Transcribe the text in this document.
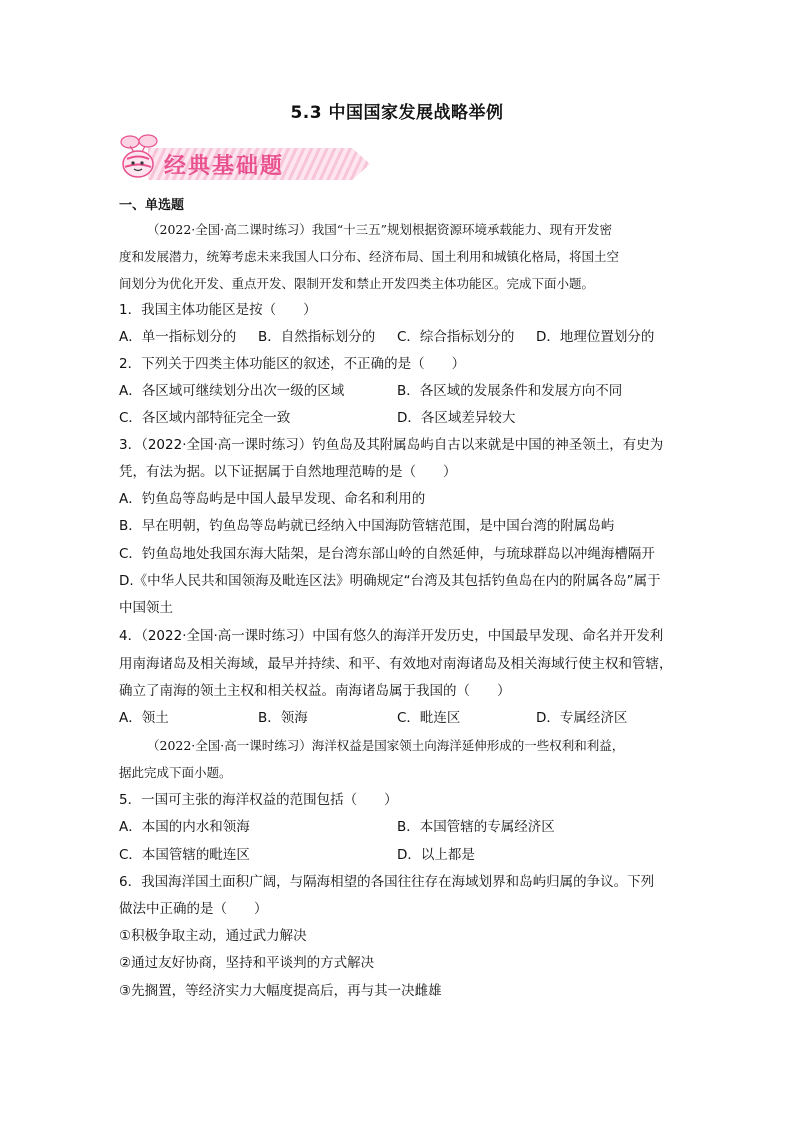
5.3 中国国家发展战略举例
经典基础题
一、单选题
（2022·全国·高二课时练习）我国“十三五”规划根据资源环境承载能力、现有开发密
度和发展潜力，统筹考虑未来我国人口分布、经济布局、国土利用和城镇化格局，将国土空
间划分为优化开发、重点开发、限制开发和禁止开发四类主体功能区。完成下面小题。
1．我国主体功能区是按（　　）
A．单一指标划分的 B．自然指标划分的 C．综合指标划分的 D．地理位置划分的
2．下列关于四类主体功能区的叙述，不正确的是（　　）
A．各区域可继续划分出次一级的区域	B．各区域的发展条件和发展方向不同
C．各区域内部特征完全一致	D．各区域差异较大
3．（2022·全国·高一课时练习）钓鱼岛及其附属岛屿自古以来就是中国的神圣领土，有史为
凭，有法为据。以下证据属于自然地理范畴的是（　　）
A．钓鱼岛等岛屿是中国人最早发现、命名和利用的
B．早在明朝，钓鱼岛等岛屿就已经纳入中国海防管辖范围，是中国台湾的附属岛屿
C．钓鱼岛地处我国东海大陆架，是台湾东部山岭的自然延伸，与琉球群岛以冲绳海槽隔开
D.《中华人民共和国领海及毗连区法》明确规定“台湾及其包括钓鱼岛在内的附属各岛”属于
中国领土
4．（2022·全国·高一课时练习）中国有悠久的海洋开发历史，中国最早发现、命名并开发利
用南海诸岛及相关海域，最早并持续、和平、有效地对南海诸岛及相关海域行使主权和管辖，
确立了南海的领土主权和相关权益。南海诸岛属于我国的（　　）
A．领土	B．领海	C．毗连区	D．专属经济区
（2022·全国·高一课时练习）海洋权益是国家领土向海洋延伸形成的一些权利和利益，
据此完成下面小题。
5．一国可主张的海洋权益的范围包括（　　）
A．本国的内水和领海	B．本国管辖的专属经济区
C．本国管辖的毗连区	D．以上都是
6．我国海洋国土面积广阔，与隔海相望的各国往往存在海域划界和岛屿归属的争议。下列
做法中正确的是（　　）
①积极争取主动，通过武力解决
②通过友好协商，坚持和平谈判的方式解决
③先搁置，等经济实力大幅度提高后，再与其一决雌雄
